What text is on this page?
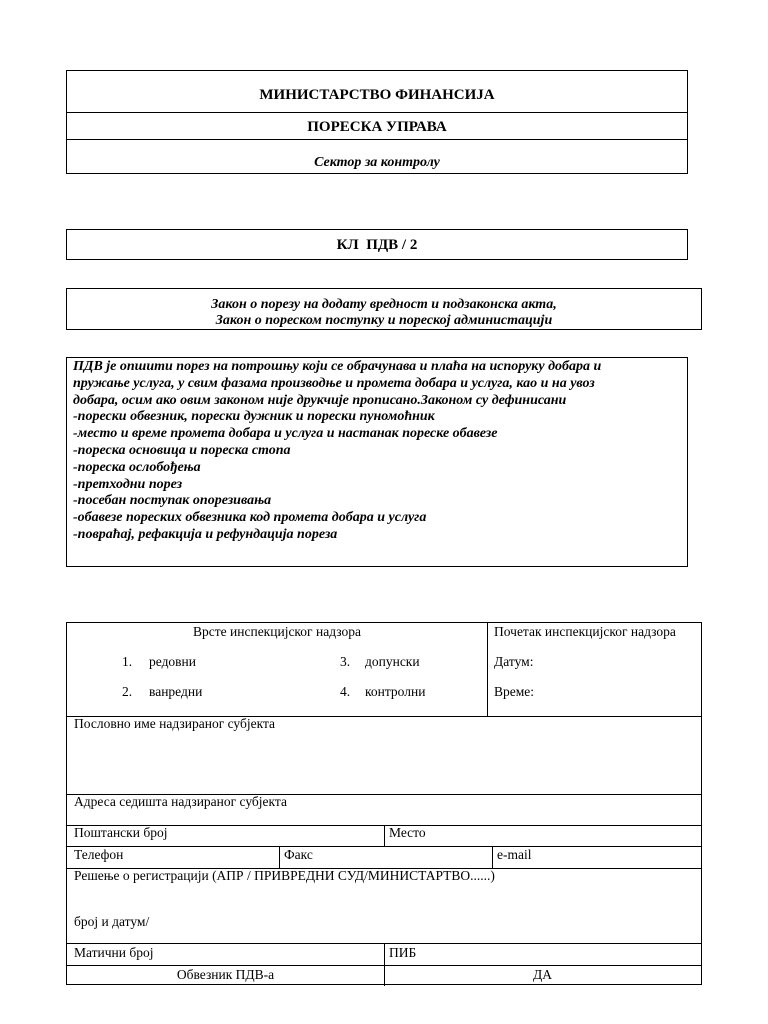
МИНИСТАРСТВО ФИНАНСИЈА
ПОРЕСКА УПРАВА
Сектор за контролу
КЛ  ПДВ / 2
Закон о порезу на додату вредност и подзаконска акта,
Закон о пореском поступку и пореској администацији
ПДВ је опшити порез на потрошњу који се обрачунава и плаћа на испоруку добара и
пружање услуга, у свим фазама производње и промета добара и услуга, као и на увоз
добара, осим ако овим законом није друкчије прописано.Законом су дефинисани
-порески обвезник, порески дужник и порески пуномоћник
-место и време промета добара и услуга и настанак пореске обавезе
-пореска основица и пореска стопа
-пореска ослобођења
-претходни порез
-посебан поступак опорезивања
-обавезе пореских обвезника код промета добара и услуга
-повраћај, рефакција и рефундација пореза
Врсте инспекцијског надзора
1. редовни
2. ванредни
3. допунски
4. контролни
Почетак инспекцијског надзора
Датум:
Време:
Пословно име надзираног субјекта
Адреса седишта надзираног субјекта
Поштански број	Место
Телефон	Факс	e-mail
Решење о регистрацији (АПР / ПРИВРЕДНИ СУД/МИНИСТАРТВО......)
број и датум/
Матични број	ПИБ
Обвезник ПДВ-а	ДА
